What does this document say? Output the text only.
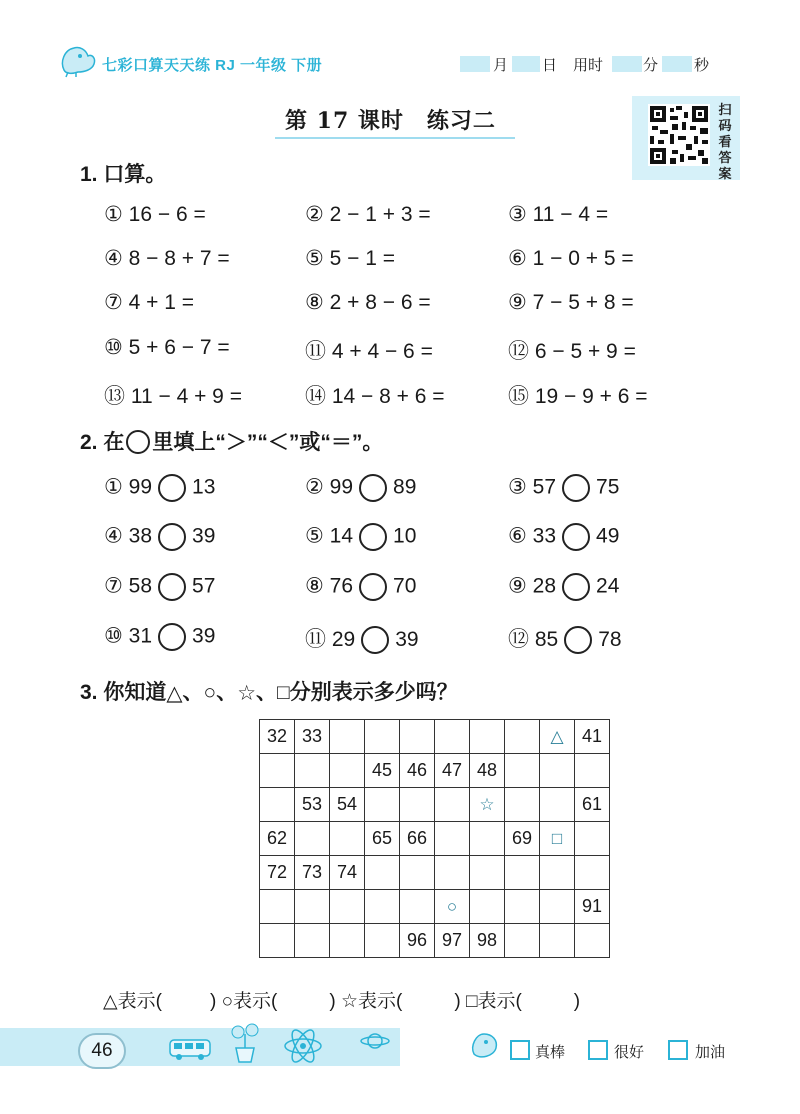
七彩口算天天练 RJ 一年级 下册	月 日 用时	分 秒
第 17 课时　练习二	扫
码
看
答
案
1. 口算。
① 16 − 6 =	② 2 − 1 + 3 =	③ 11 − 4 =
④ 8 − 8 + 7 =	⑤ 5 − 1 =	⑥ 1 − 0 + 5 =
⑦ 4 + 1 =	⑧ 2 + 8 − 6 =	⑨ 7 − 5 + 8 =
⑩ 5 + 6 − 7 =	⑪ 4 + 4 − 6 =	⑫ 6 − 5 + 9 =
⑬ 11 − 4 + 9 =	⑭ 14 − 8 + 6 =	⑮ 19 − 9 + 6 =
2. 在 里填上“＞”“＜”或“＝”。
① 99 13	② 99 89	③ 57 75
④ 38 39	⑤ 14 10	⑥ 33 49
⑦ 58 57	⑧ 76 70	⑨ 28 24
⑩ 31 39	⑪ 29 39	⑫ 85 78
3. 你知道△、○、☆、□分别表示多少吗？
32	33							△	41
			45	46	47	48			
	53	54				☆			61
62			65	66			69	□	
72	73	74							
					○				91
				96	97	98			
△表示(	) ○表示(	) ☆表示(	) □表示(	)
46	真棒	很好	加油
